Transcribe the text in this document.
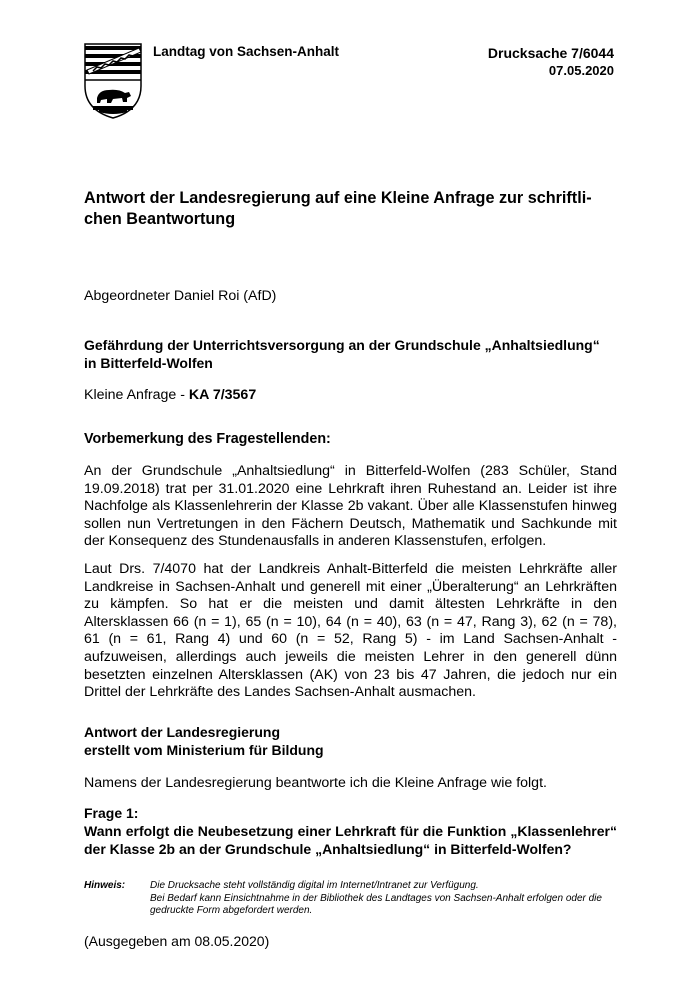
Landtag von Sachsen-Anhalt	Drucksache 7/6044
07.05.2020
Antwort der Landesregierung auf eine Kleine Anfrage zur schriftli-
chen Beantwortung
Abgeordneter Daniel Roi (AfD)
Gefährdung der Unterrichtsversorgung an der Grundschule „Anhaltsiedlung“
in Bitterfeld-Wolfen
Kleine Anfrage - KA 7/3567
Vorbemerkung des Fragestellenden:
An der Grundschule „Anhaltsiedlung“ in Bitterfeld-Wolfen (283 Schüler, Stand 19.09.2018) trat per 31.01.2020 eine Lehrkraft ihren Ruhestand an. Leider ist ihre Nachfolge als Klassenlehrerin der Klasse 2b vakant. Über alle Klassenstufen hinweg sollen nun Vertretungen in den Fächern Deutsch, Mathematik und Sachkunde mit der Konsequenz des Stundenausfalls in anderen Klassenstufen, erfolgen.
Laut Drs. 7/4070 hat der Landkreis Anhalt-Bitterfeld die meisten Lehrkräfte aller Landkreise in Sachsen-Anhalt und generell mit einer „Überalterung“ an Lehrkräften zu kämpfen. So hat er die meisten und damit ältesten Lehrkräfte in den Altersklassen 66 (n = 1), 65 (n = 10), 64 (n = 40), 63 (n = 47, Rang 3), 62 (n = 78), 61 (n = 61, Rang 4) und 60 (n = 52, Rang 5) - im Land Sachsen-Anhalt - aufzuweisen, allerdings auch jeweils die meisten Lehrer in den generell dünn besetzten einzelnen Altersklassen (AK) von 23 bis 47 Jahren, die jedoch nur ein Drittel der Lehrkräfte des Landes Sachsen-Anhalt ausmachen.
Antwort der Landesregierung
erstellt vom Ministerium für Bildung
Namens der Landesregierung beantworte ich die Kleine Anfrage wie folgt.
Frage 1:
Wann erfolgt die Neubesetzung einer Lehrkraft für die Funktion „Klassenlehrer“ der Klasse 2b an der Grundschule „Anhaltsiedlung“ in Bitterfeld-Wolfen?
Hinweis: Die Drucksache steht vollständig digital im Internet/Intranet zur Verfügung.
Bei Bedarf kann Einsichtnahme in der Bibliothek des Landtages von Sachsen-Anhalt erfolgen oder die gedruckte Form abgefordert werden.
(Ausgegeben am 08.05.2020)
